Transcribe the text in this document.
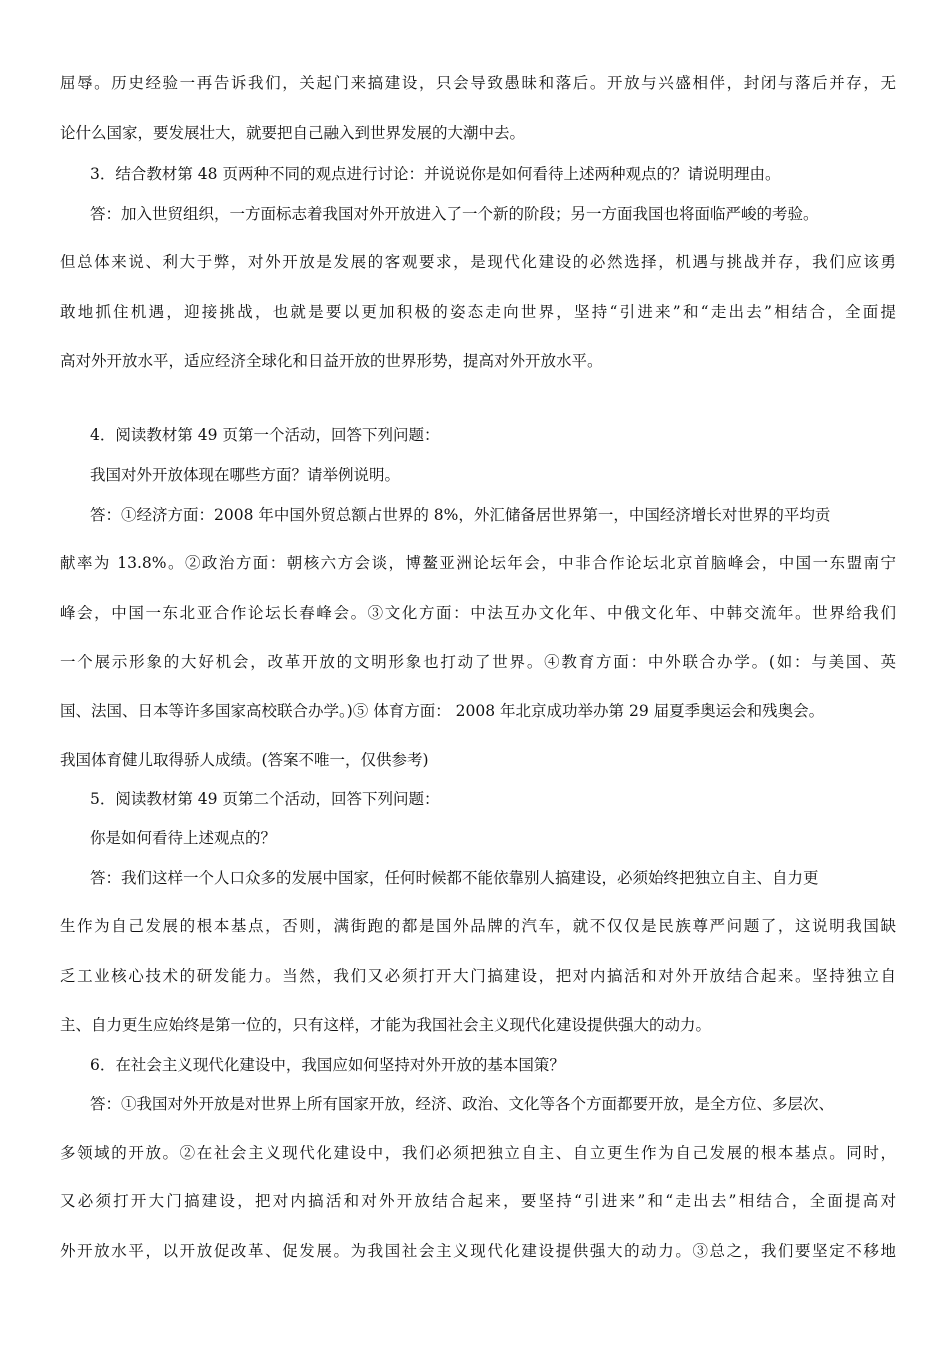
屈辱。历史经验一再告诉我们，关起门来搞建设，只会导致愚昧和落后。开放与兴盛相伴，封闭与落后并存，无
论什么国家，要发展壮大，就要把自己融入到世界发展的大潮中去。
3．结合教材第 48 页两种不同的观点进行讨论：并说说你是如何看待上述两种观点的？请说明理由。
答：加入世贸组织，一方面标志着我国对外开放进入了一个新的阶段；另一方面我国也将面临严峻的考验。
但总体来说、利大于弊，对外开放是发展的客观要求，是现代化建设的必然选择，机遇与挑战并存，我们应该勇
敢地抓住机遇，迎接挑战，也就是要以更加积极的姿态走向世界，坚持“引进来”和“走出去”相结合，全面提
高对外开放水平，适应经济全球化和日益开放的世界形势，提高对外开放水平。
4．阅读教材第 49 页第一个活动，回答下列问题：
我国对外开放体现在哪些方面？请举例说明。
答：①经济方面：2008 年中国外贸总额占世界的 8%，外汇储备居世界第一，中国经济增长对世界的平均贡
献率为 13.8%。②政治方面：朝核六方会谈，博鳌亚洲论坛年会，中非合作论坛北京首脑峰会，中国一东盟南宁
峰会，中国一东北亚合作论坛长春峰会。③文化方面：中法互办文化年、中俄文化年、中韩交流年。世界给我们
一个展示形象的大好机会，改革开放的文明形象也打动了世界。④教育方面：中外联合办学。(如：与美国、英
国、法国、日本等许多国家高校联合办学。)⑤ 体育方面： 2008 年北京成功举办第 29 届夏季奥运会和残奥会。
我国体育健儿取得骄人成绩。(答案不唯一，仅供参考)
5．阅读教材第 49 页第二个活动，回答下列问题：
你是如何看待上述观点的？
答：我们这样一个人口众多的发展中国家，任何时候都不能依靠别人搞建设，必须始终把独立自主、自力更
生作为自己发展的根本基点，否则，满街跑的都是国外品牌的汽车，就不仅仅是民族尊严问题了，这说明我国缺
乏工业核心技术的研发能力。当然，我们又必须打开大门搞建设，把对内搞活和对外开放结合起来。坚持独立自
主、自力更生应始终是第一位的，只有这样，才能为我国社会主义现代化建设提供强大的动力。
6．在社会主义现代化建设中，我国应如何坚持对外开放的基本国策？
答：①我国对外开放是对世界上所有国家开放，经济、政治、文化等各个方面都要开放，是全方位、多层次、
多领域的开放。②在社会主义现代化建设中，我们必须把独立自主、自立更生作为自己发展的根本基点。同时，
又必须打开大门搞建设，把对内搞活和对外开放结合起来，要坚持“引进来”和“走出去”相结合，全面提高对
外开放水平，以开放促改革、促发展。为我国社会主义现代化建设提供强大的动力。③总之，我们要坚定不移地
